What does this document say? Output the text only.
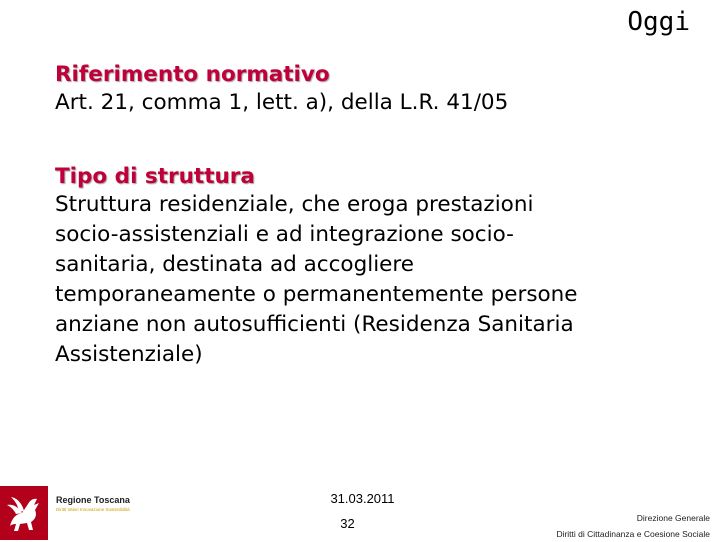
Oggi

Riferimento normativo

Art. 21, comma 1, lett. a), della L.R. 41/05

Tipo di struttura

Struttura residenziale, che eroga prestazioni
socio-assistenziali e ad integrazione socio-
sanitaria, destinata ad accogliere
temporaneamente o permanentemente persone
anziane non autosufficienti (Residenza Sanitaria
Assistenziale)

Regione Toscana
Diritti Valori Innovazione Sostenibilità
31.03.2011
32	Direzione Generale
Diritti di Cittadinanza e Coesione Sociale
